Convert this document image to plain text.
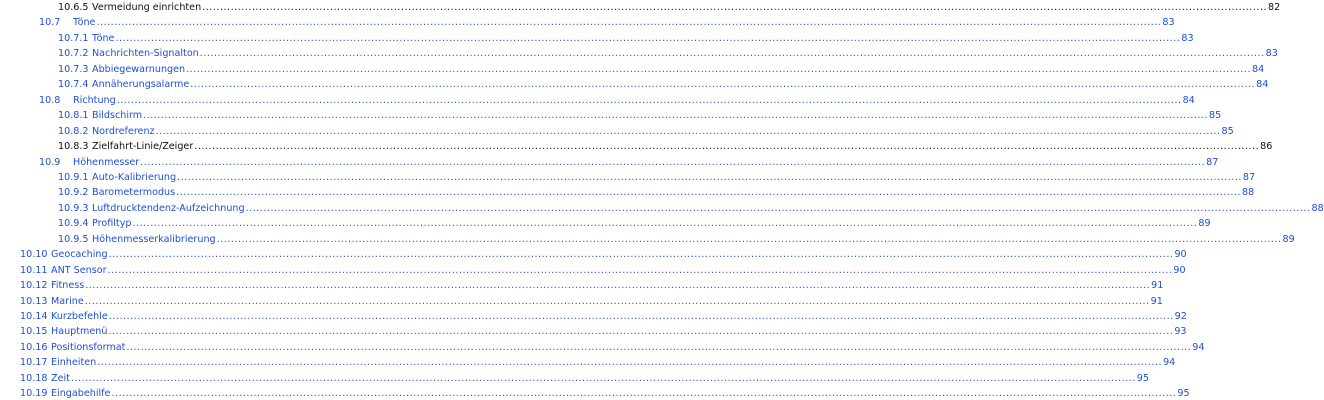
10.6.5 Vermeidung einrichten ............................................................................................................................................................................................................................................................................................................ 82
10.7	Töne ............................................................................................................................................................................................................................................................................................................ 83
10.7.1 Töne ............................................................................................................................................................................................................................................................................................................ 83
10.7.2 Nachrichten-Signalton ............................................................................................................................................................................................................................................................................................................ 83
10.7.3 Abbiegewarnungen ............................................................................................................................................................................................................................................................................................................ 84
10.7.4 Annäherungsalarme ............................................................................................................................................................................................................................................................................................................ 84
10.8	Richtung ............................................................................................................................................................................................................................................................................................................ 84
10.8.1 Bildschirm ............................................................................................................................................................................................................................................................................................................ 85
10.8.2 Nordreferenz ............................................................................................................................................................................................................................................................................................................ 85
10.8.3 Zielfahrt-Linie/Zeiger ............................................................................................................................................................................................................................................................................................................ 86
10.9	Höhenmesser ............................................................................................................................................................................................................................................................................................................ 87
10.9.1 Auto-Kalibrierung ............................................................................................................................................................................................................................................................................................................ 87
10.9.2 Barometermodus ............................................................................................................................................................................................................................................................................................................ 88
10.9.3 Luftdrucktendenz-Aufzeichnung ............................................................................................................................................................................................................................................................................................................ 88
10.9.4 Profiltyp ............................................................................................................................................................................................................................................................................................................ 89
10.9.5 Höhenmesserkalibrierung ............................................................................................................................................................................................................................................................................................................ 89
10.10 Geocaching ............................................................................................................................................................................................................................................................................................................ 90
10.11 ANT Sensor ............................................................................................................................................................................................................................................................................................................ 90
10.12 Fitness ............................................................................................................................................................................................................................................................................................................ 91
10.13 Marine ............................................................................................................................................................................................................................................................................................................ 91
10.14 Kurzbefehle ............................................................................................................................................................................................................................................................................................................ 92
10.15 Hauptmenü ............................................................................................................................................................................................................................................................................................................ 93
10.16 Positionsformat ............................................................................................................................................................................................................................................................................................................ 94
10.17 Einheiten ............................................................................................................................................................................................................................................................................................................ 94
10.18 Zeit ............................................................................................................................................................................................................................................................................................................ 95
10.19 Eingabehilfe ............................................................................................................................................................................................................................................................................................................ 95
